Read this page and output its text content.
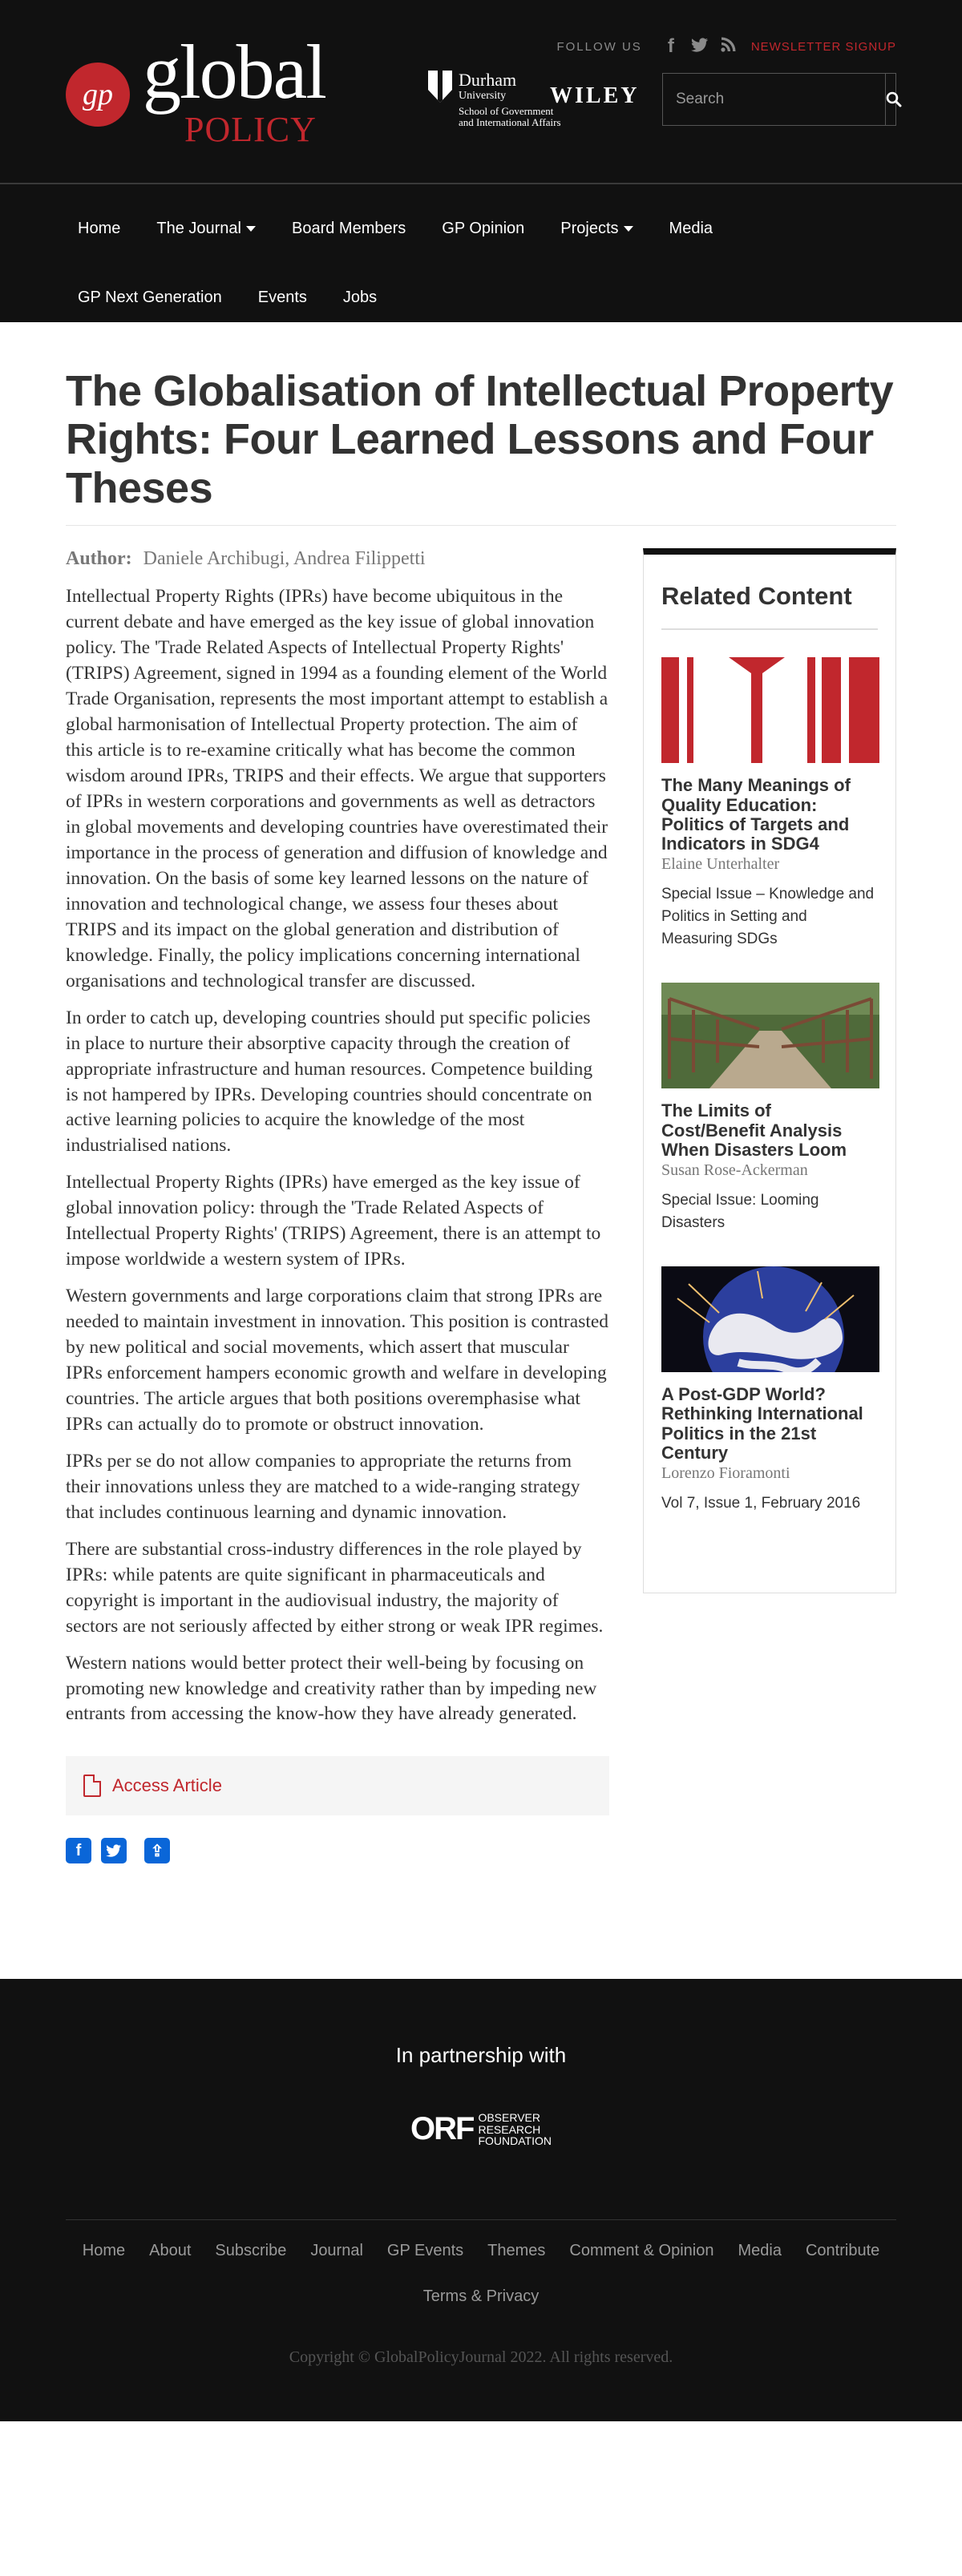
gp global
POLICY
FOLLOW US	f	NEWSLETTER SIGNUP
Durham
University
School of Government
and International Affairs
WILEY
Search
Home	The Journal	Board Members	GP Opinion	Projects	Media
GP Next Generation	Events	Jobs
The Globalisation of Intellectual Property Rights: Four Learned Lessons and Four Theses
Author: Daniele Archibugi, Andrea Filippetti

Intellectual Property Rights (IPRs) have become ubiquitous in the current debate and have emerged as the key issue of global innovation policy. The 'Trade Related Aspects of Intellectual Property Rights' (TRIPS) Agreement, signed in 1994 as a founding element of the World Trade Organisation, represents the most important attempt to establish a global harmonisation of Intellectual Property protection. The aim of this article is to re-examine critically what has become the common wisdom around IPRs, TRIPS and their effects. We argue that supporters of IPRs in western corporations and governments as well as detractors in global movements and developing countries have overestimated their importance in the process of generation and diffusion of knowledge and innovation. On the basis of some key learned lessons on the nature of innovation and technological change, we assess four theses about TRIPS and its impact on the global generation and distribution of knowledge. Finally, the policy implications concerning international organisations and technological transfer are discussed.

In order to catch up, developing countries should put specific policies in place to nurture their absorptive capacity through the creation of appropriate infrastructure and human resources. Competence building is not hampered by IPRs. Developing countries should concentrate on active learning policies to acquire the knowledge of the most industrialised nations.

Intellectual Property Rights (IPRs) have emerged as the key issue of global innovation policy: through the 'Trade Related Aspects of Intellectual Property Rights' (TRIPS) Agreement, there is an attempt to impose worldwide a western system of IPRs.

Western governments and large corporations claim that strong IPRs are needed to maintain investment in innovation. This position is contrasted by new political and social movements, which assert that muscular IPRs enforcement hampers economic growth and welfare in developing countries. The article argues that both positions overemphasise what IPRs can actually do to promote or obstruct innovation.

IPRs per se do not allow companies to appropriate the returns from their innovations unless they are matched to a wide-ranging strategy that includes continuous learning and dynamic innovation.

There are substantial cross-industry differences in the role played by IPRs: while patents are quite significant in pharmaceuticals and copyright is important in the audiovisual industry, the majority of sectors are not seriously affected by either strong or weak IPR regimes.

Western nations would better protect their well-being by focusing on promoting new knowledge and creativity rather than by impeding new entrants from accessing the know-how they have already generated.

Access Article
f	⇪
Related Content
The Many Meanings of Quality Education: Politics of Targets and Indicators in SDG4
Elaine Unterhalter
Special Issue – Knowledge and Politics in Setting and Measuring SDGs
The Limits of Cost/Benefit Analysis When Disasters Loom
Susan Rose-Ackerman
Special Issue: Looming Disasters
A Post-GDP World? Rethinking International Politics in the 21st Century
Lorenzo Fioramonti
Vol 7, Issue 1, February 2016
In partnership with
ORF OBSERVER
RESEARCH
FOUNDATION
Home About Subscribe Journal GP Events Themes Comment & Opinion Media Contribute
Terms & Privacy
Copyright © GlobalPolicyJournal 2022. All rights reserved.
